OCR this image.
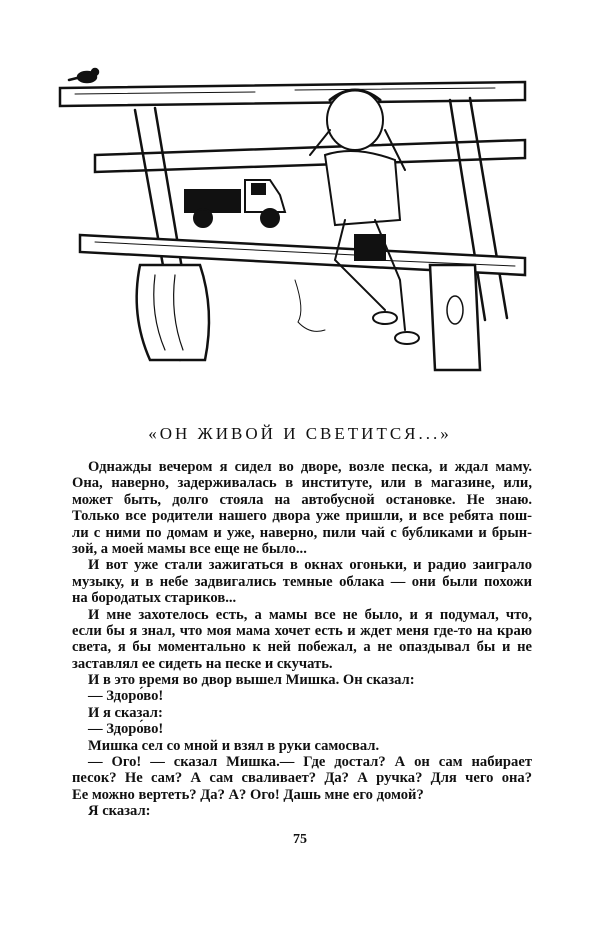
«ОН ЖИВОЙ И СВЕТИТСЯ...»
Однажды вечером я сидел во дворе, возле песка, и ждал маму.
Она, наверно, задерживалась в институте, или в магазине, или,
может быть, долго стояла на автобусной остановке. Не знаю.
Только все родители нашего двора уже пришли, и все ребята пош-
ли с ними по домам и уже, наверно, пили чай с бубликами и брын-
зой, а моей мамы все еще не было...
И вот уже стали зажигаться в окнах огоньки, и радио заиграло
музыку, и в небе задвигались темные облака — они были похожи
на бородатых стариков...
И мне захотелось есть, а мамы все не было, и я подумал, что,
если бы я знал, что моя мама хочет есть и ждет меня где-то на краю
света, я бы моментально к ней побежал, а не опаздывал бы и не
заставлял ее сидеть на песке и скучать.
И в это время во двор вышел Мишка. Он сказал:
— Здоро́во!
И я сказал:
— Здоро́во!
Мишка сел со мной и взял в руки самосвал.
— Ого! — сказал Мишка.— Где достал? А он сам набирает
песок? Не сам? А сам сваливает? Да? А ручка? Для чего она?
Ее можно вертеть? Да? А? Ого! Дашь мне его домой?
Я сказал:
75
